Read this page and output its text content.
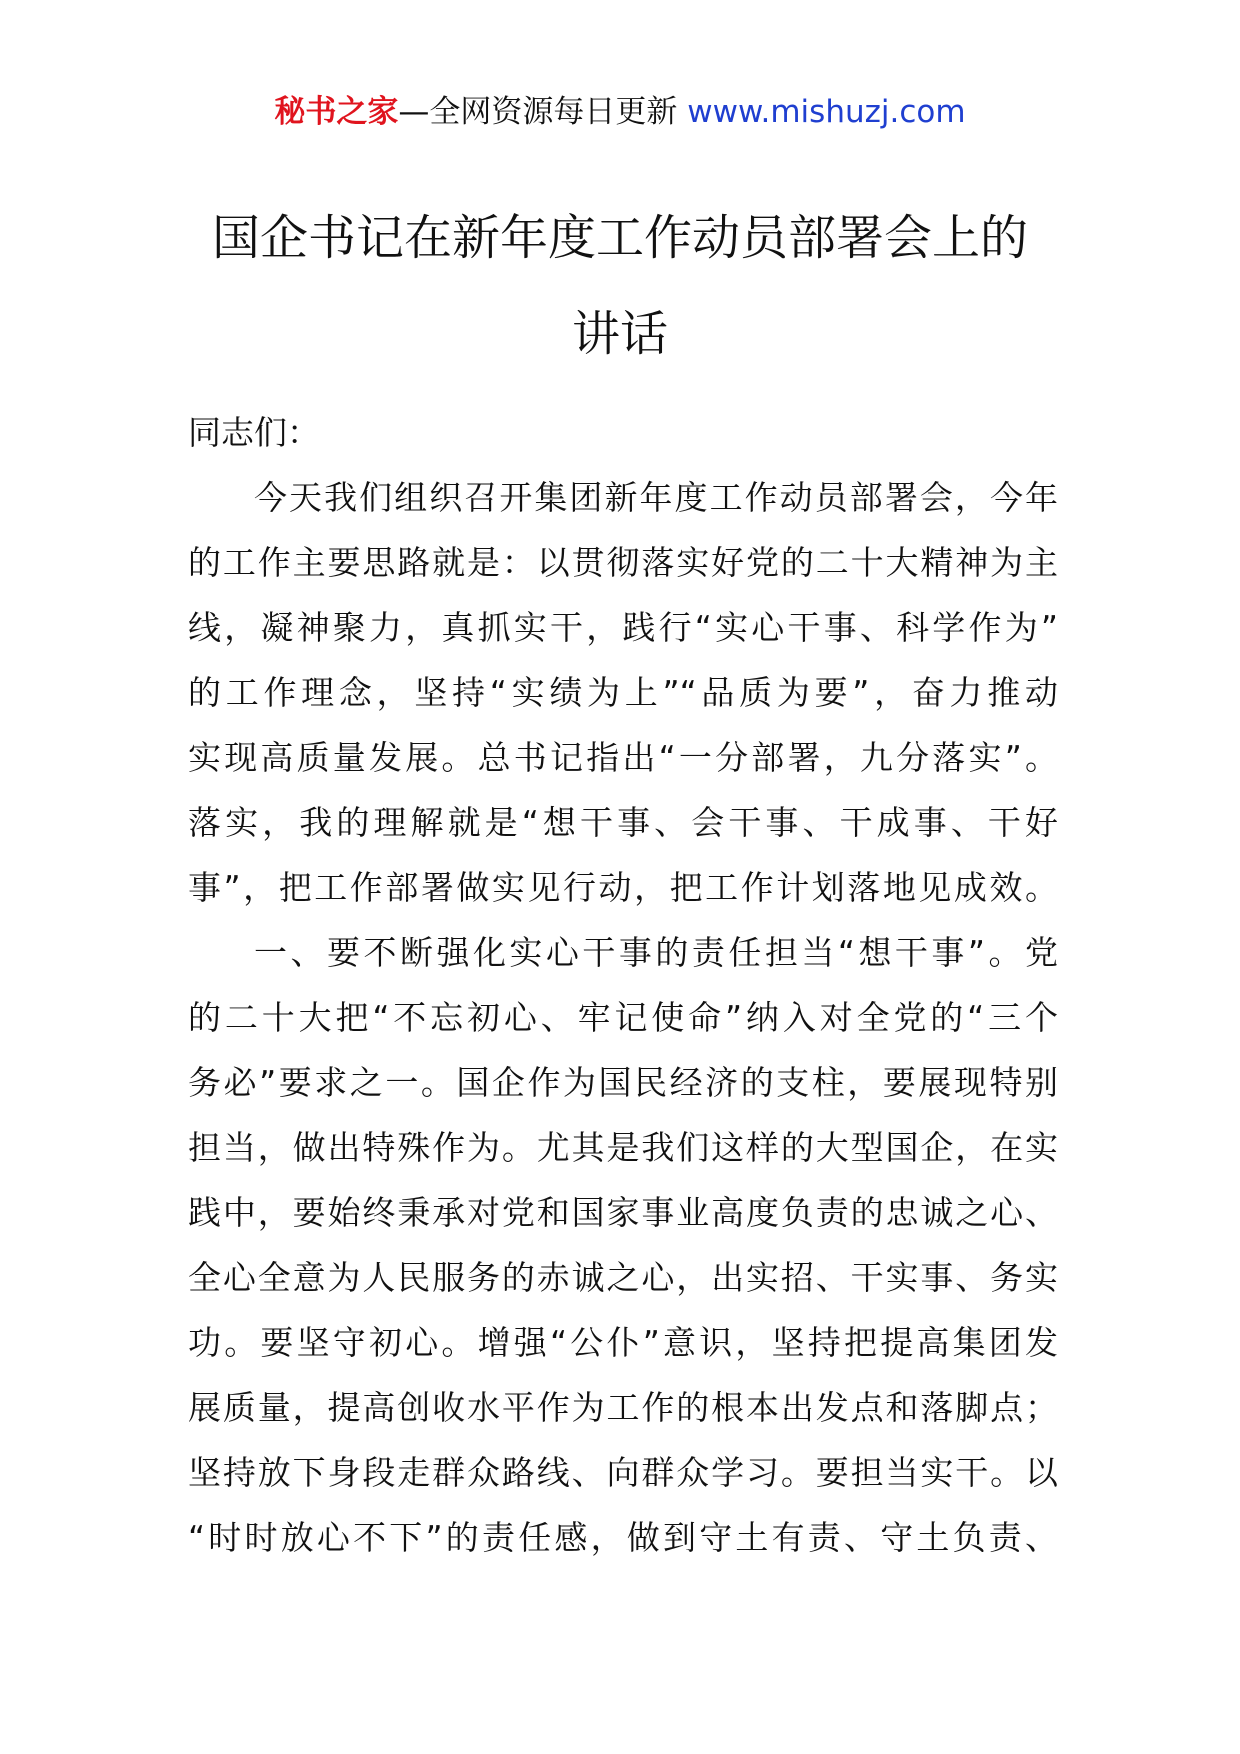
秘书之家—全网资源每日更新 www.mishuzj.com
国企书记在新年度工作动员部署会上的
讲话
同志们：
今天我们组织召开集团新年度工作动员部署会，今年
的工作主要思路就是：以贯彻落实好党的二十大精神为主
线，凝神聚力，真抓实干，践行“实心干事、科学作为”
的工作理念，坚持“实绩为上”“品质为要”，奋力推动
实现高质量发展。总书记指出“一分部署，九分落实”。
落实，我的理解就是“想干事、会干事、干成事、干好
事”，把工作部署做实见行动，把工作计划落地见成效。
一、要不断强化实心干事的责任担当“想干事”。党
的二十大把“不忘初心、牢记使命”纳入对全党的“三个
务必”要求之一。国企作为国民经济的支柱，要展现特别
担当，做出特殊作为。尤其是我们这样的大型国企，在实
践中，要始终秉承对党和国家事业高度负责的忠诚之心、
全心全意为人民服务的赤诚之心，出实招、干实事、务实
功。要坚守初心。增强“公仆”意识，坚持把提高集团发
展质量，提高创收水平作为工作的根本出发点和落脚点；
坚持放下身段走群众路线、向群众学习。要担当实干。以
“时时放心不下”的责任感，做到守土有责、守土负责、
